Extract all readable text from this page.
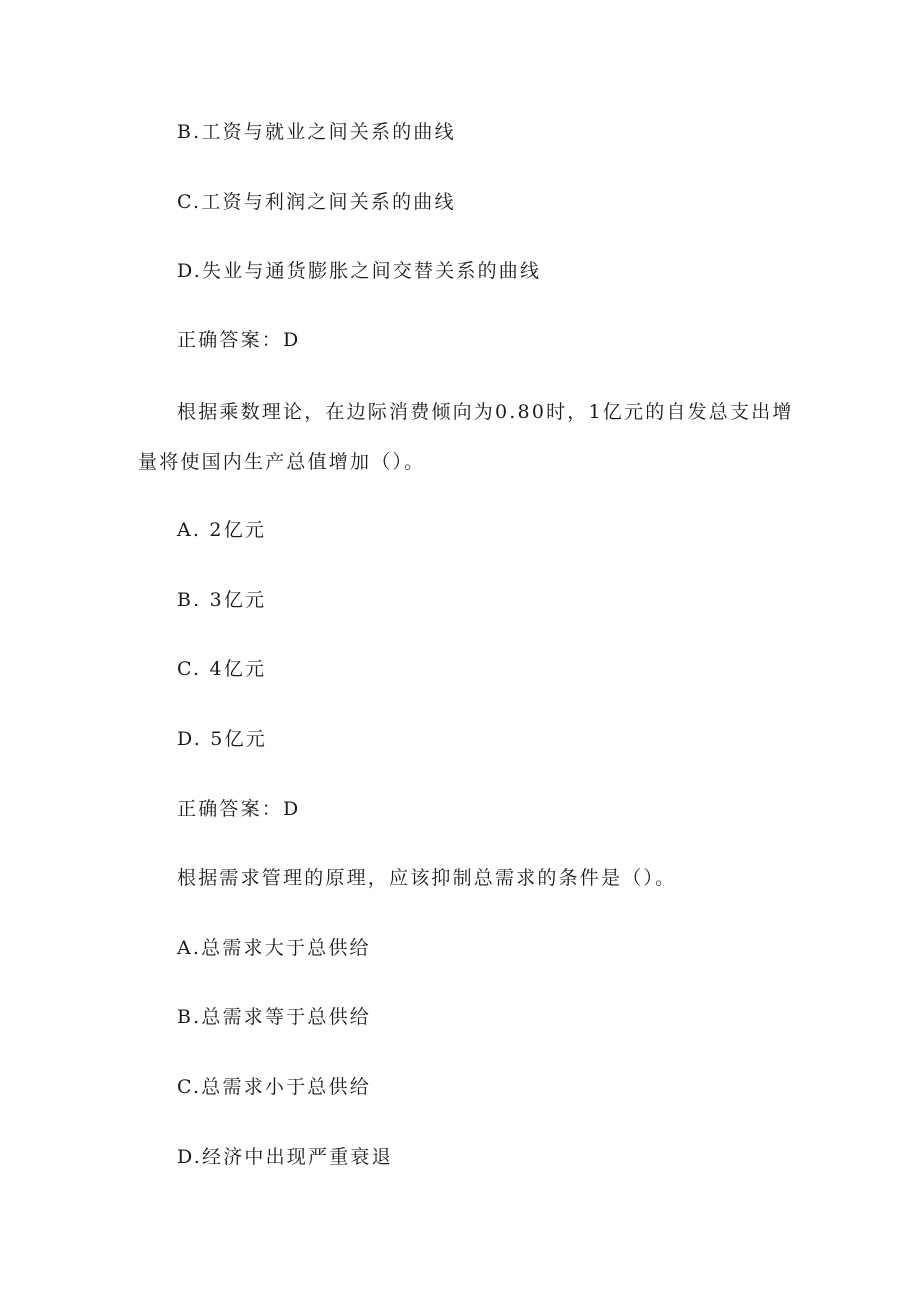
B.工资与就业之间关系的曲线
C.工资与利润之间关系的曲线
D.失业与通货膨胀之间交替关系的曲线
正确答案：D
根据乘数理论，在边际消费倾向为0.80时，1亿元的自发总支出增
量将使国内生产总值增加（）。
A. 2亿元
B. 3亿元
C. 4亿元
D. 5亿元
正确答案：D
根据需求管理的原理，应该抑制总需求的条件是（）。
A.总需求大于总供给
B.总需求等于总供给
C.总需求小于总供给
D.经济中出现严重衰退
